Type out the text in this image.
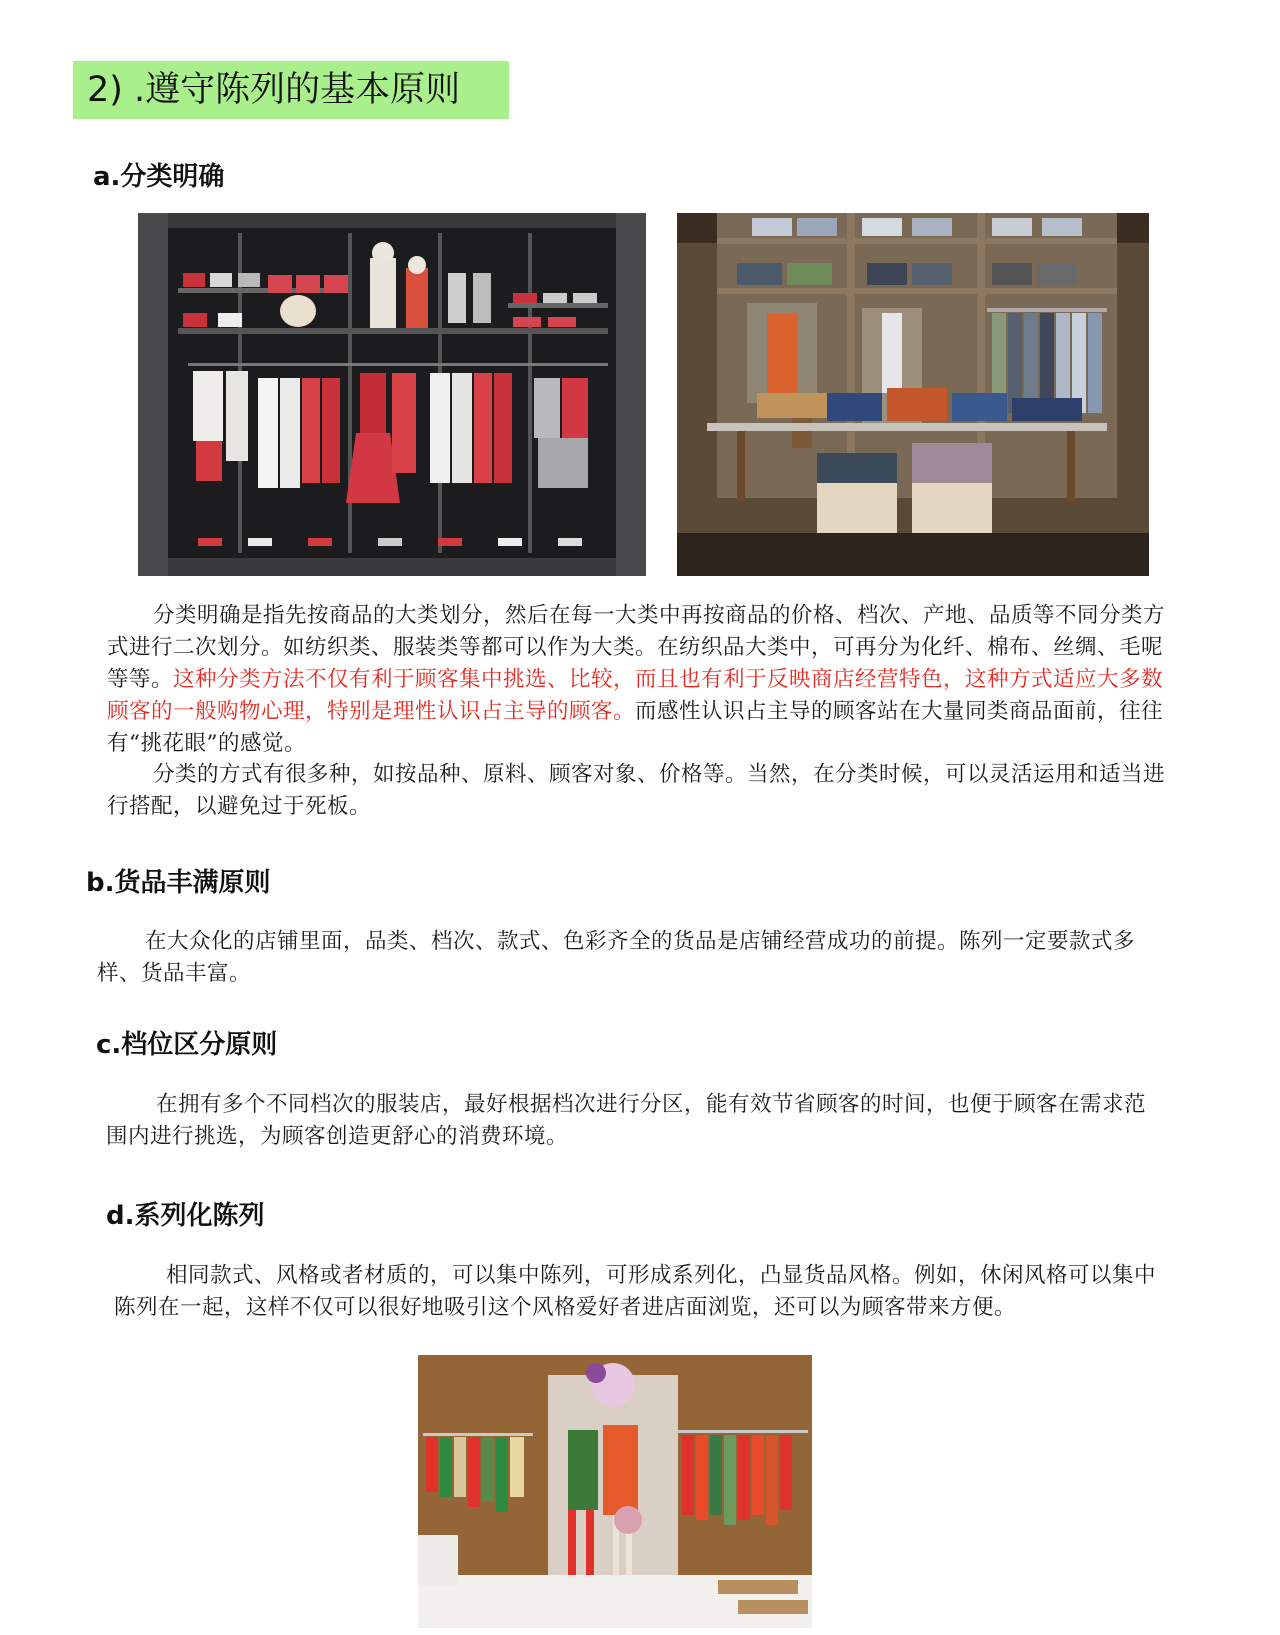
2) .遵守陈列的基本原则
a.分类明确
分类明确是指先按商品的大类划分，然后在每一大类中再按商品的价格、档次、产地、品质等不同分类方式进行二次划分。如纺织类、服装类等都可以作为大类。在纺织品大类中，可再分为化纤、棉布、丝绸、毛呢等等。这种分类方法不仅有利于顾客集中挑选、比较，而且也有利于反映商店经营特色，这种方式适应大多数顾客的一般购物心理，特别是理性认识占主导的顾客。而感性认识占主导的顾客站在大量同类商品面前，往往有“挑花眼”的感觉。
分类的方式有很多种，如按品种、原料、顾客对象、价格等。当然，在分类时候，可以灵活运用和适当进行搭配，以避免过于死板。
b.货品丰满原则
在大众化的店铺里面，品类、档次、款式、色彩齐全的货品是店铺经营成功的前提。陈列一定要款式多样、货品丰富。
c.档位区分原则
在拥有多个不同档次的服装店，最好根据档次进行分区，能有效节省顾客的时间，也便于顾客在需求范围内进行挑选，为顾客创造更舒心的消费环境。
d.系列化陈列
相同款式、风格或者材质的，可以集中陈列，可形成系列化，凸显货品风格。例如，休闲风格可以集中陈列在一起，这样不仅可以很好地吸引这个风格爱好者进店面浏览，还可以为顾客带来方便。
